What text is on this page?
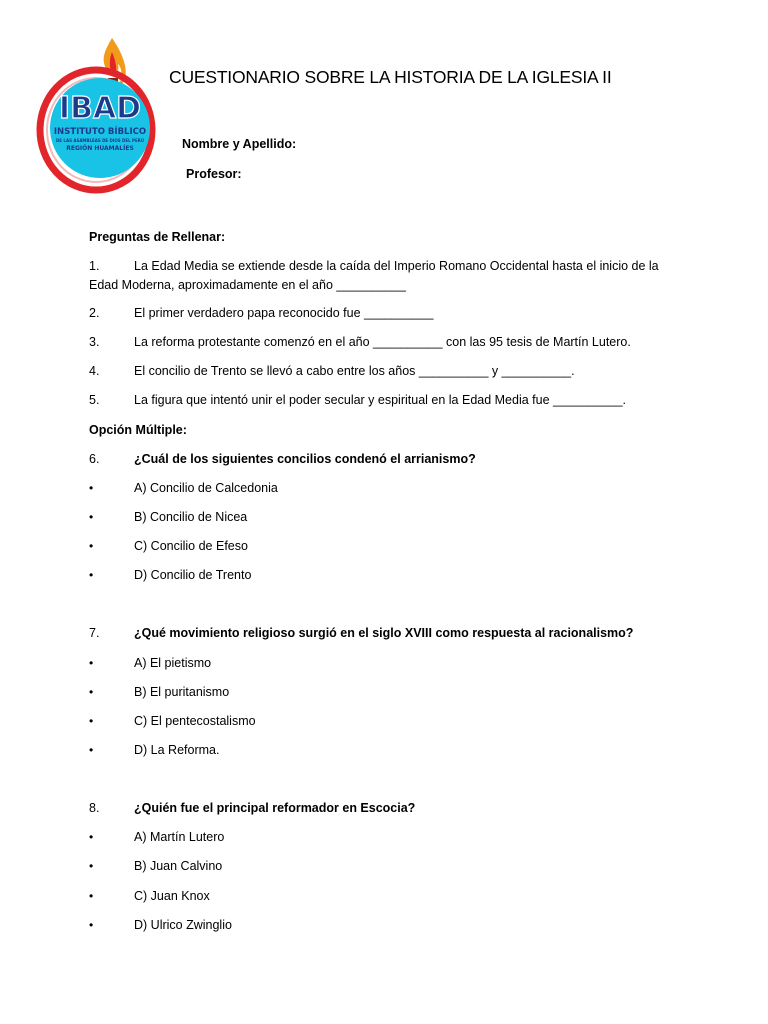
IBAD
INSTITUTO BÍBLICO
DE LAS ASAMBLEAS DE DIOS DEL PERÚ
REGIÓN HUAMALÍES
CUESTIONARIO SOBRE LA HISTORIA DE LA IGLESIA II
Nombre y Apellido:
Profesor:
Preguntas de Rellenar:
1.	La Edad Media se extiende desde la caída del Imperio Romano Occidental hasta el inicio de la
Edad Moderna, aproximadamente en el año __________
2.	El primer verdadero papa reconocido fue __________
3.	La reforma protestante comenzó en el año __________ con las 95 tesis de Martín Lutero.
4.	El concilio de Trento se llevó a cabo entre los años __________ y __________.
5.	La figura que intentó unir el poder secular y espiritual en la Edad Media fue __________.
Opción Múltiple:
6.	¿Cuál de los siguientes concilios condenó el arrianismo?
•	A) Concilio de Calcedonia
•	B) Concilio de Nicea
•	C) Concilio de Efeso
•	D) Concilio de Trento
7.	¿Qué movimiento religioso surgió en el siglo XVIII como respuesta al racionalismo?
•	A) El pietismo
•	B) El puritanismo
•	C) El pentecostalismo
•	D) La Reforma.
8.	¿Quién fue el principal reformador en Escocia?
•	A) Martín Lutero
•	B) Juan Calvino
•	C) Juan Knox
•	D) Ulrico Zwinglio
